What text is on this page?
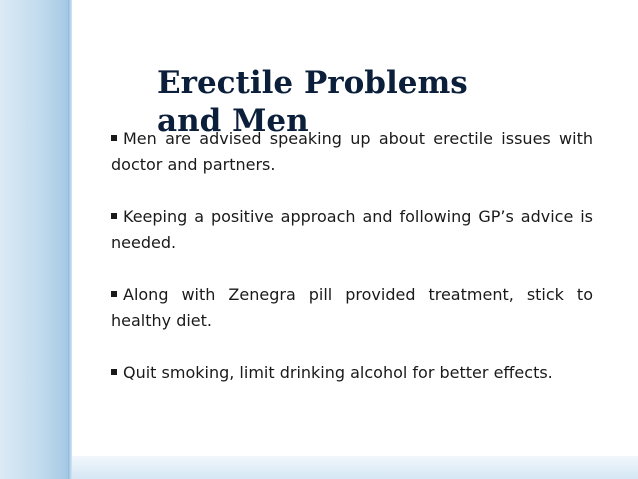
Men are advised speaking up about erectile issues with doctor and partners.
Keeping a positive approach and following GP’s advice is needed.
Along with Zenegra pill provided treatment, stick to healthy diet.
Quit smoking, limit drinking alcohol for better effects.
Erectile Problems and Men
